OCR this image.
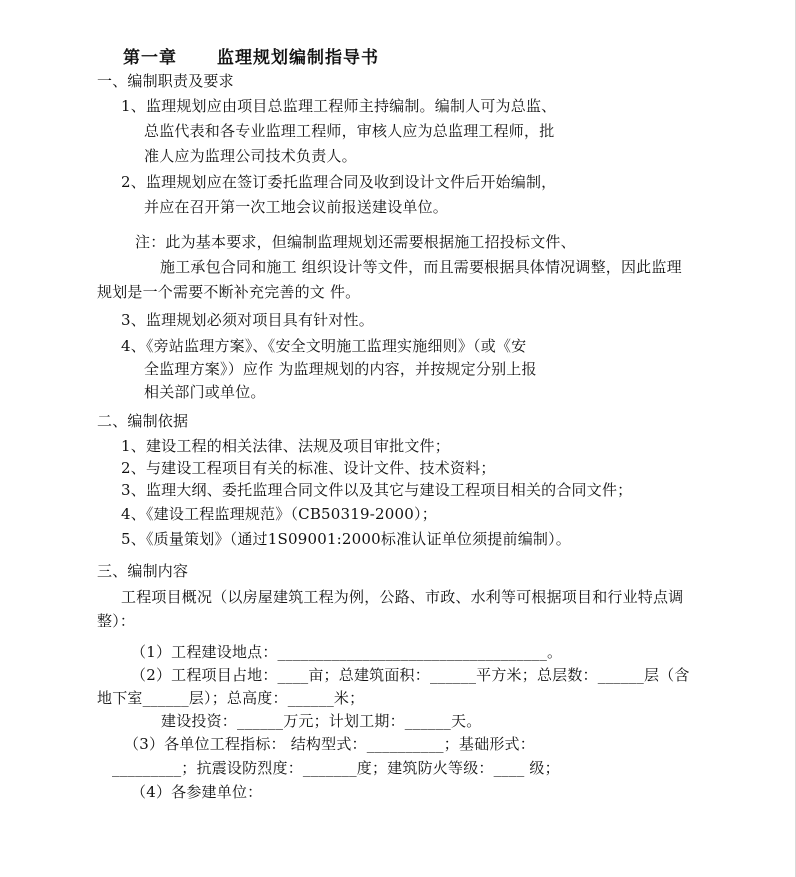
第一章 监理规划编制指导书
一、编制职责及要求
1、监理规划应由项目总监理工程师主持编制。编制人可为总监、
总监代表和各专业监理工程师，审核人应为总监理工程师，批
准人应为监理公司技术负责人。
2、监理规划应在签订委托监理合同及收到设计文件后开始编制，
并应在召开第一次工地会议前报送建设单位。
注：此为基本要求，但编制监理规划还需要根据施工招投标文件、
施工承包合同和施工 组织设计等文件，而且需要根据具体情况调整，因此监理
规划是一个需要不断补充完善的文 件。
3、监理规划必须对项目具有针对性。
4、《旁站监理方案》、《安全文明施工监理实施细则》（或《安
全监理方案》）应作 为监理规划的内容，并按规定分别上报
相关部门或单位。
二、编制依据
1、建设工程的相关法律、法规及项目审批文件；
2、与建设工程项目有关的标准、设计文件、技术资料；
3、监理大纲、委托监理合同文件以及其它与建设工程项目相关的合同文件；
4、《建设工程监理规范》（CB50319-2000）；
5、《质量策划》（通过1S09001:2000标准认证单位须提前编制）。
三、编制内容
工程项目概况（以房屋建筑工程为例，公路、市政、水利等可根据项目和行业特点调
整）：
（1）工程建设地点：___________________________________。
（2）工程项目占地：____亩；总建筑面积：______平方米；总层数：______层（含
地下室______层）；总高度：______米；
建设投资：______万元；计划工期：______天。
（3）各单位工程指标： 结构型式：__________；基础形式：
_________；抗震设防烈度：_______度；建筑防火等级：____ 级；
（4）各参建单位：
